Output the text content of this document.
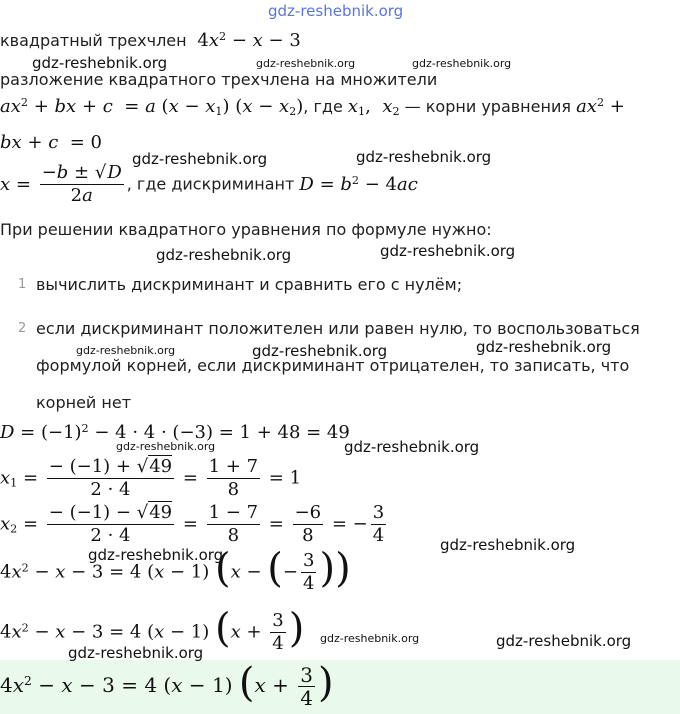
gdz-reshebnik.org
квадратный трехчлен  $4x^2 - x - 3$
gdz-reshebnik.org	gdz-reshebnik.org	gdz-reshebnik.org
разложение квадратного трехчлена на множители
$ax^2$ + bx + c  = a $(x - x_1)$ $(x - x_2)$, где $x_1$,  $x_2$ — корни уравнения $ax^2$ +
bx + c  = 0
gdz-reshebnik.org	gdz-reshebnik.org
$x = \frac{-b \pm √D}{2a}$ , где дискриминант $D = b^2 - 4ac$
При решении квадратного уравнения по формуле нужно:
gdz-reshebnik.org	gdz-reshebnik.org
1 вычислить дискриминант и сравнить его с нулём;
2 если дискриминант положителен или равен нулю, то воспользоваться
формулой корней, если дискриминант отрицателен, то записать, что
корней нет
gdz-reshebnik.org	gdz-reshebnik.org	gdz-reshebnik.org
$D = (-1)^2 - 4 \cdot 4 \cdot (-3) = 1 + 48 = 49$
gdz-reshebnik.org	gdz-reshebnik.org
$x_1 = \frac{- (-1) + √49}{2 \cdot 4} = \frac{1 + 7}{8} = 1$
$x_2 = \frac{- (-1) - √49}{2 \cdot 4} = \frac{1 - 7}{8} = \frac{-6}{8}$ = − $\frac{3}{4}$
gdz-reshebnik.org
gdz-reshebnik.org
$4x^2 - x - 3 = 4$ (x − 1) (x − (− $\frac{3}{4}$ ))
$4x^2 - x - 3 = 4$ (x − 1) ($x + \frac{3}{4}$ ) gdz-reshebnik.org	gdz-reshebnik.org
gdz-reshebnik.org
$4x^2 - x - 3 = 4$ (x − 1) ($x + \frac{3}{4}$ )
